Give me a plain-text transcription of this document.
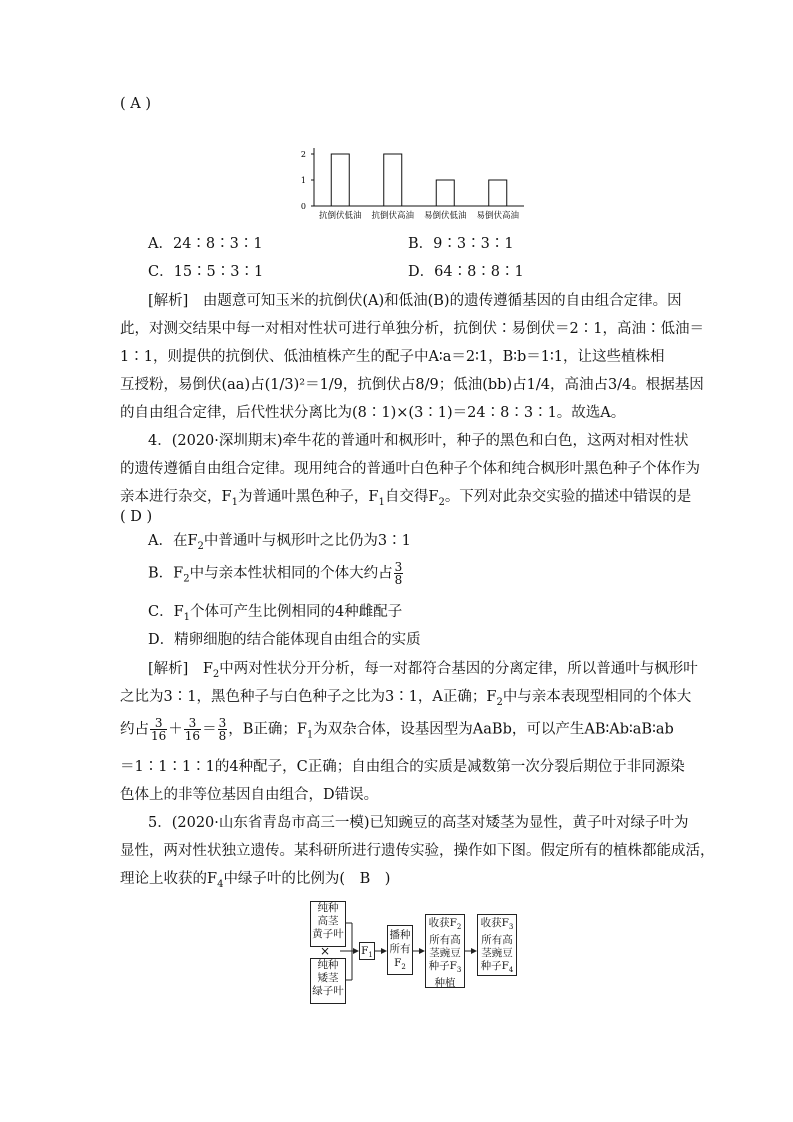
( A )
0
1
2
抗倒伏低油 抗倒伏高油 易倒伏低油 易倒伏高油
A．24∶8∶3∶1	B．9∶3∶3∶1
C．15∶5∶3∶1	D．64∶8∶8∶1
[解析]　由题意可知玉米的抗倒伏(A)和低油(B)的遗传遵循基因的自由组合定律。因
此，对测交结果中每一对相对性状可进行单独分析，抗倒伏∶易倒伏＝2∶1，高油∶低油＝
1∶1，则提供的抗倒伏、低油植株产生的配子中A∶a＝2∶1，B∶b＝1∶1，让这些植株相
互授粉，易倒伏(aa)占(1/3)²＝1/9，抗倒伏占8/9；低油(bb)占1/4，高油占3/4。根据基因
的自由组合定律，后代性状分离比为(8∶1)×(3∶1)＝24∶8∶3∶1。故选A。
4．(2020·深圳期末)牵牛花的普通叶和枫形叶，种子的黑色和白色，这两对相对性状
的遗传遵循自由组合定律。现用纯合的普通叶白色种子个体和纯合枫形叶黑色种子个体作为
亲本进行杂交，$F_1$为普通叶黑色种子，$F_1$自交得$F_2$。下列对此杂交实验的描述中错误的是
( D )
A．在$F_2$中普通叶与枫形叶之比仍为3∶1
B．$F_2$中与亲本性状相同的个体大约占 $\frac{3}{8}$
C．$F_1$个体可产生比例相同的4种雌配子
D．精卵细胞的结合能体现自由组合的实质
[解析]　$F_2$中两对性状分开分析，每一对都符合基因的分离定律，所以普通叶与枫形叶
之比为3∶1，黑色种子与白色种子之比为3∶1，A正确；$F_2$中与亲本表现型相同的个体大
约占 $\frac{3}{16} + \frac{3}{16} = \frac{3}{8}$ ，B正确；$F_1$为双杂合体，设基因型为AaBb，可以产生AB∶Ab∶aB∶ab
＝1∶1∶1∶1的4种配子，C正确；自由组合的实质是减数第一次分裂后期位于非同源染
色体上的非等位基因自由组合，D错误。
5．(2020·山东省青岛市高三一模)已知豌豆的高茎对矮茎为显性，黄子叶对绿子叶为
显性，两对性状独立遗传。某科研所进行遗传实验，操作如下图。假定所有的植株都能成活，
理论上收获的$F_4$中绿子叶的比例为(　B　)
纯种
高茎
黄子叶
×
纯种
矮茎
绿子叶
$F_1$
播种
所有
$F_2$
收获$F_2$
所有高
茎豌豆
种子$F_3$
种植
收获$F_3$
所有高
茎豌豆
种子$F_4$
